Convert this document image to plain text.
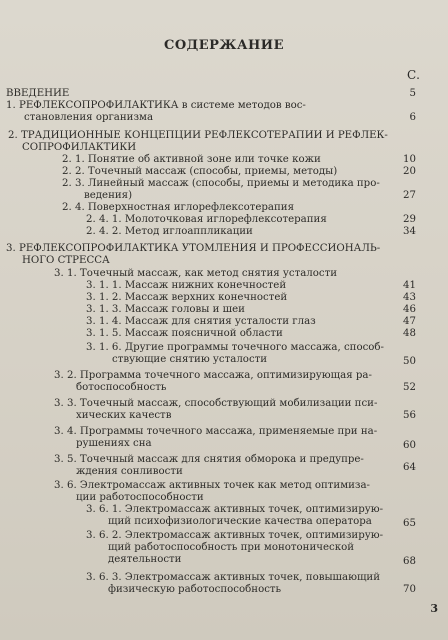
СОДЕРЖАНИЕ
С.
ВВЕДЕНИЕ	5
1. РЕФЛЕКСОПРОФИЛАКТИКА в системе методов вос-
становления организма	6
2. ТРАДИЦИОННЫЕ КОНЦЕПЦИИ РЕФЛЕКСОТЕРАПИИ И РЕФЛЕК-
СОПРОФИЛАКТИКИ
2. 1. Понятие об активной зоне или точке кожи	10
2. 2. Точечный массаж (способы, приемы, методы)	20
2. 3. Линейный массаж (способы, приемы и методика про-
ведения)	27
2. 4. Поверхностная иглорефлексотерапия
2. 4. 1. Молоточковая иглорефлексотерапия	29
2. 4. 2. Метод иглоаппликации	34
3. РЕФЛЕКСОПРОФИЛАКТИКА УТОМЛЕНИЯ И ПРОФЕССИОНАЛЬ-
НОГО СТРЕССА
3. 1. Точечный массаж, как метод снятия усталости
3. 1. 1. Массаж нижних конечностей	41
3. 1. 2. Массаж верхних конечностей	43
3. 1. 3. Массаж головы и шеи	46
3. 1. 4. Массаж для снятия усталости глаз	47
3. 1. 5. Массаж поясничной области	48
3. 1. 6. Другие программы точечного массажа, способ-
ствующие снятию усталости	50
3. 2. Программа точечного массажа, оптимизирующая ра-
ботоспособность	52
3. 3. Точечный массаж, способствующий мобилизации пси-
хических качеств	56
3. 4. Программы точечного массажа, применяемые при на-
рушениях сна	60
3. 5. Точечный массаж для снятия обморока и предупре-
ждения сонливости	64
3. 6. Электромассаж активных точек как метод оптимиза-
ции работоспособности
3. 6. 1. Электромассаж активных точек, оптимизирую-
щий психофизиологические качества оператора	65
3. 6. 2. Электромассаж активных точек, оптимизирую-
щий работоспособность при монотонической
деятельности	68
3. 6. 3. Электромассаж активных точек, повышающий
физическую работоспособность	70
3
